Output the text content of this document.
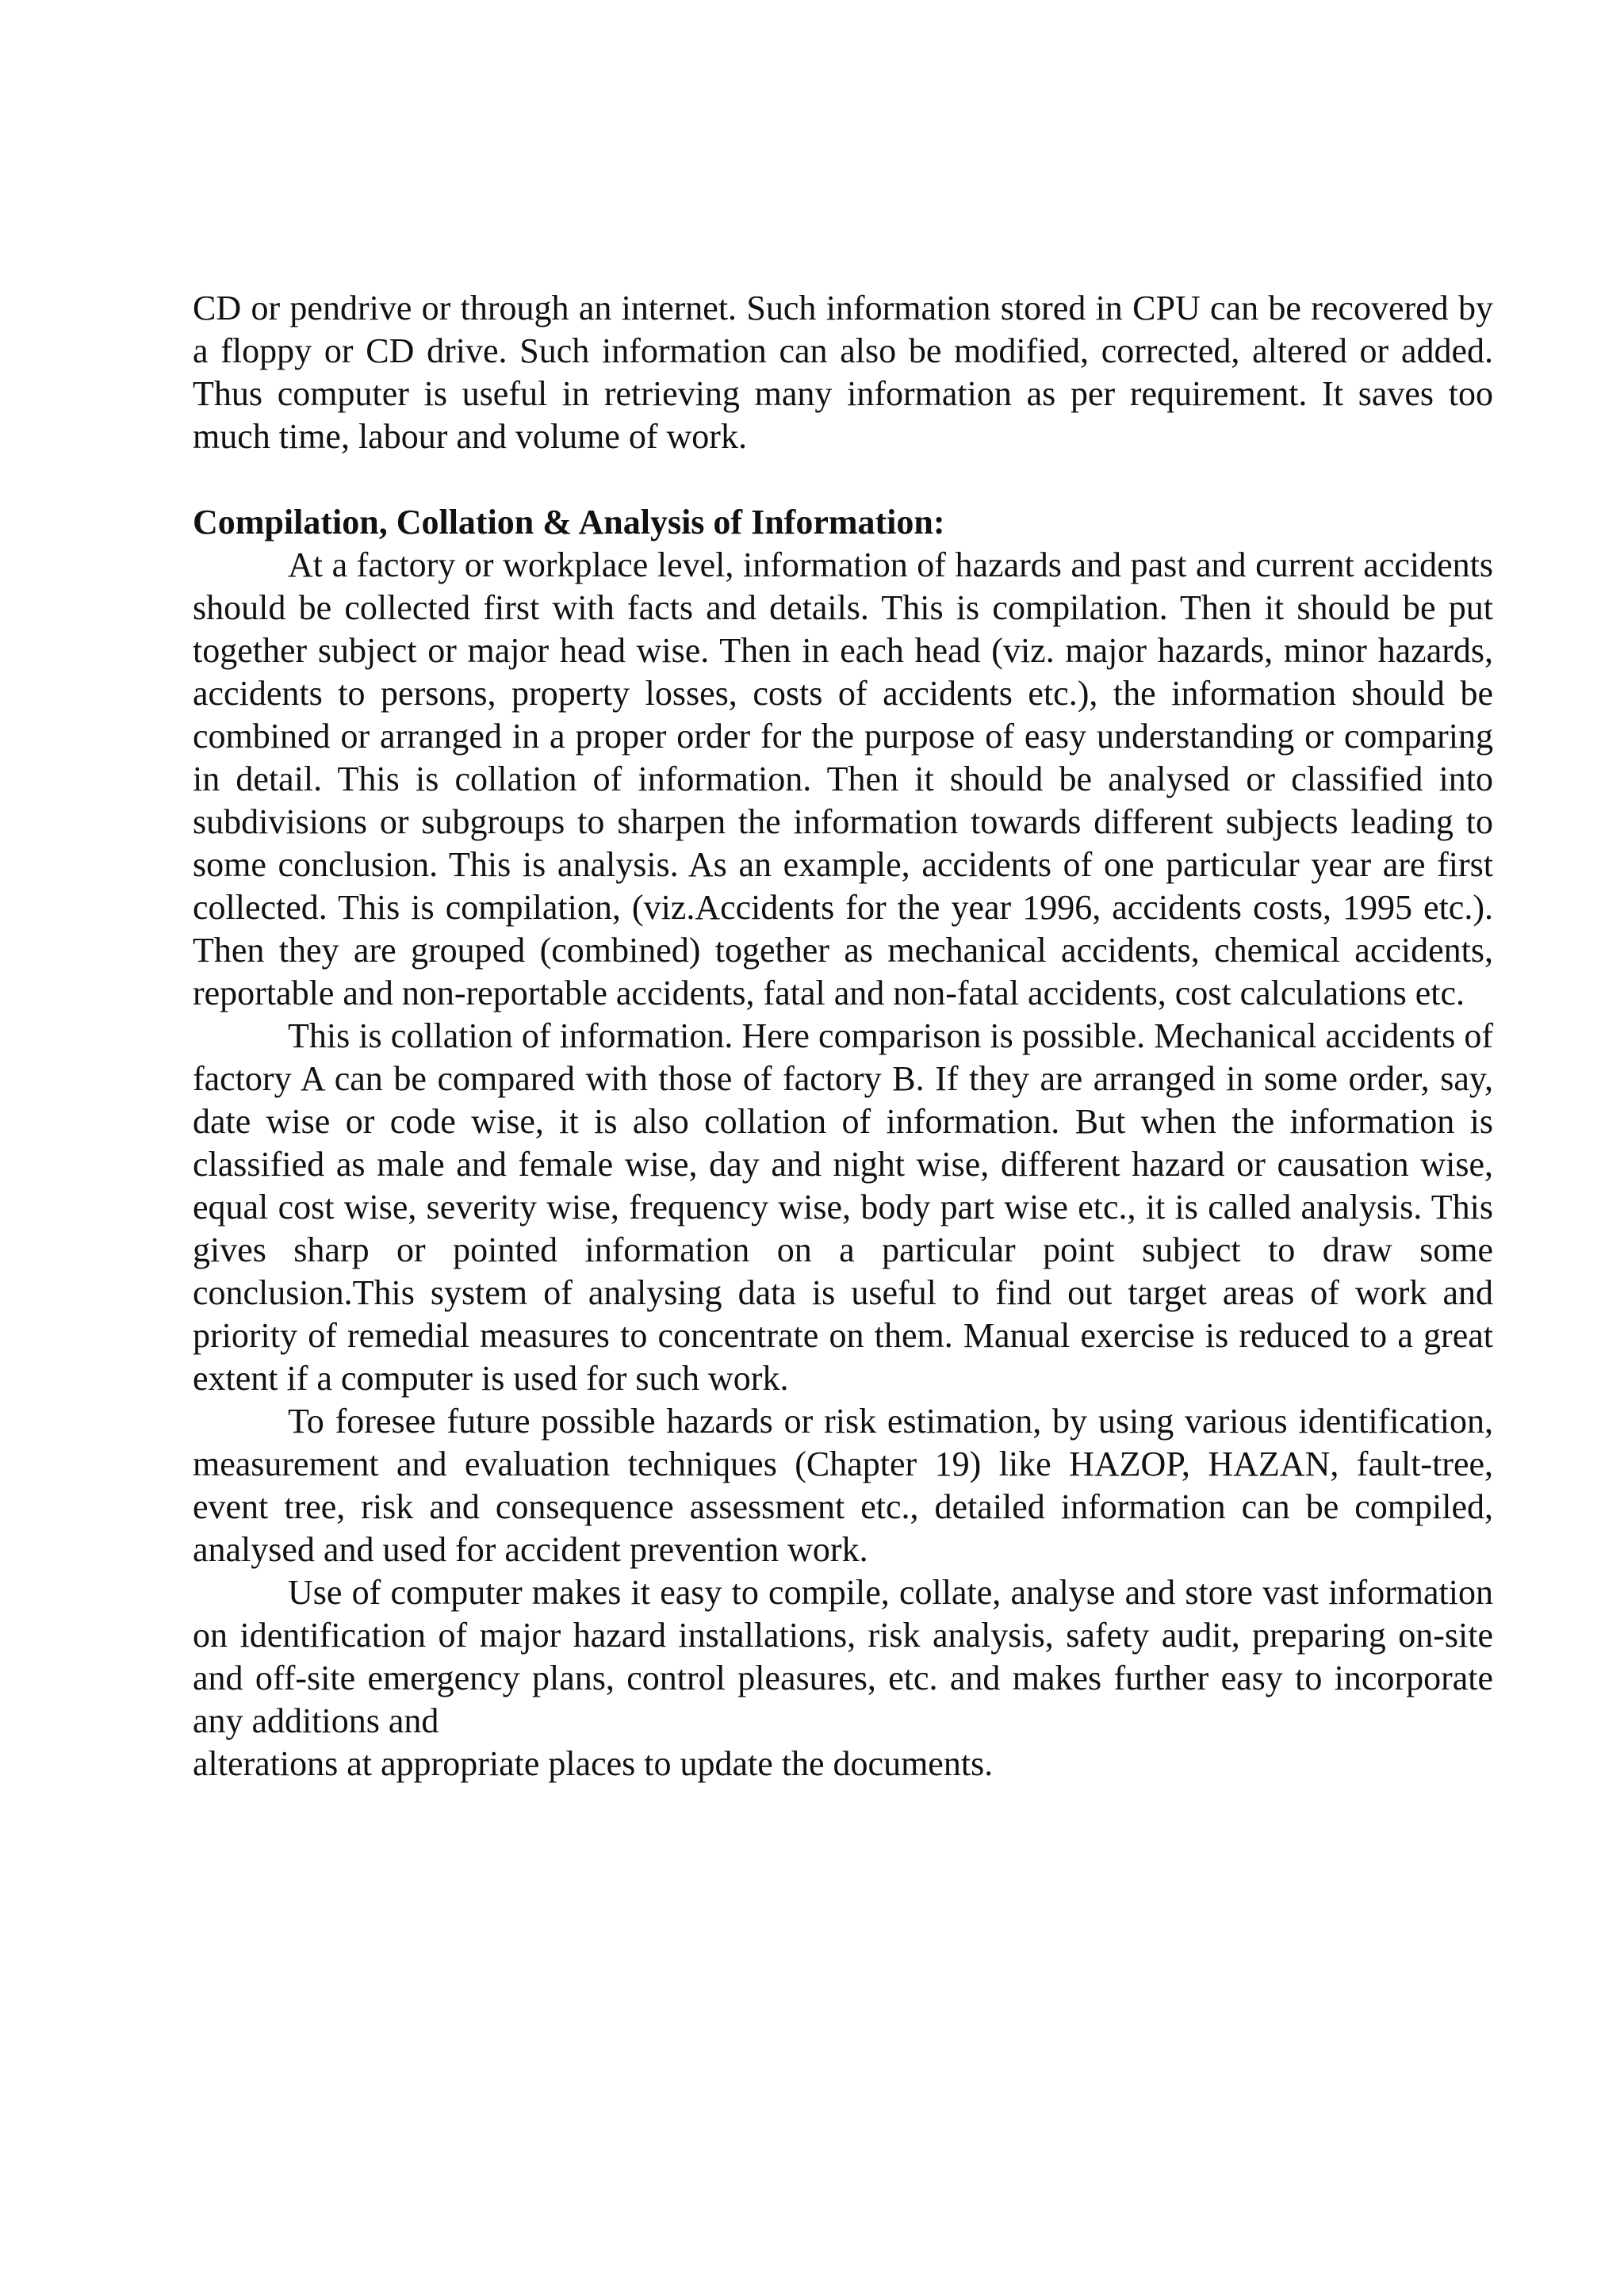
CD or pendrive or through an internet. Such information stored in CPU can be recovered by a floppy or CD drive. Such information can also be modified, corrected, altered or added. Thus computer is useful in retrieving many information as per requirement. It saves too much time, labour and volume of work.

Compilation, Collation & Analysis of Information:

At a factory or workplace level, information of hazards and past and current accidents should be collected first with facts and details. This is compilation. Then it should be put together subject or major head wise. Then in each head (viz. major hazards, minor hazards, accidents to persons, property losses, costs of accidents etc.), the information should be combined or arranged in a proper order for the purpose of easy understanding or comparing in detail. This is collation of information. Then it should be analysed or classified into subdivisions or subgroups to sharpen the information towards different subjects leading to some conclusion. This is analysis. As an example, accidents of one particular year are first collected. This is compilation, (viz.Accidents for the year 1996, accidents costs, 1995 etc.). Then they are grouped (combined) together as mechanical accidents, chemical accidents, reportable and non-reportable accidents, fatal and non-fatal accidents, cost calculations etc.

This is collation of information. Here comparison is possible. Mechanical accidents of factory A can be compared with those of factory B. If they are arranged in some order, say, date wise or code wise, it is also collation of information. But when the information is classified as male and female wise, day and night wise, different hazard or causation wise, equal cost wise, severity wise, frequency wise, body part wise etc., it is called analysis. This gives sharp or pointed information on a particular point subject to draw some conclusion.This system of analysing data is useful to find out target areas of work and priority of remedial measures to concentrate on them. Manual exercise is reduced to a great extent if a computer is used for such work.

To foresee future possible hazards or risk estimation, by using various identification, measurement and evaluation techniques (Chapter 19) like HAZOP, HAZAN, fault-tree, event tree, risk and consequence assessment etc., detailed information can be compiled, analysed and used for accident prevention work.

Use of computer makes it easy to compile, collate, analyse and store vast information on identification of major hazard installations, risk analysis, safety audit, preparing on-site and off-site emergency plans, control pleasures, etc. and makes further easy to incorporate any additions and

alterations at appropriate places to update the documents.
